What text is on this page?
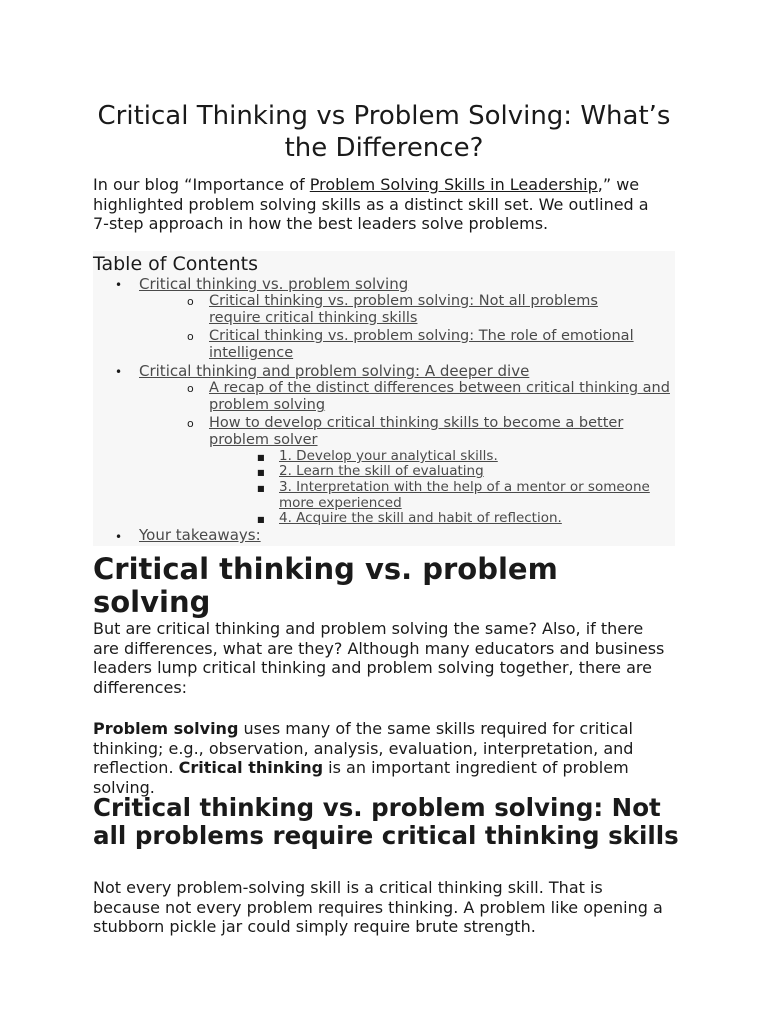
Critical Thinking vs Problem Solving: What’s the Difference?

In our blog “Importance of Problem Solving Skills in Leadership,” we highlighted problem solving skills as a distinct skill set. We outlined a 7-step approach in how the best leaders solve problems.

Table of Contents
• Critical thinking vs. problem solving
o Critical thinking vs. problem solving: Not all problems require critical thinking skills
o Critical thinking vs. problem solving: The role of emotional intelligence
• Critical thinking and problem solving: A deeper dive
o A recap of the distinct differences between critical thinking and problem solving
o How to develop critical thinking skills to become a better problem solver
■ 1. Develop your analytical skills.
■ 2. Learn the skill of evaluating
■ 3. Interpretation with the help of a mentor or someone more experienced
■ 4. Acquire the skill and habit of reflection.
• Your takeaways:
Critical thinking vs. problem solving

But are critical thinking and problem solving the same? Also, if there are differences, what are they? Although many educators and business leaders lump critical thinking and problem solving together, there are differences:

Problem solving uses many of the same skills required for critical thinking; e.g., observation, analysis, evaluation, interpretation, and reflection. Critical thinking is an important ingredient of problem solving.

Critical thinking vs. problem solving: Not all problems require critical thinking skills

Not every problem-solving skill is a critical thinking skill. That is because not every problem requires thinking. A problem like opening a stubborn pickle jar could simply require brute strength.
